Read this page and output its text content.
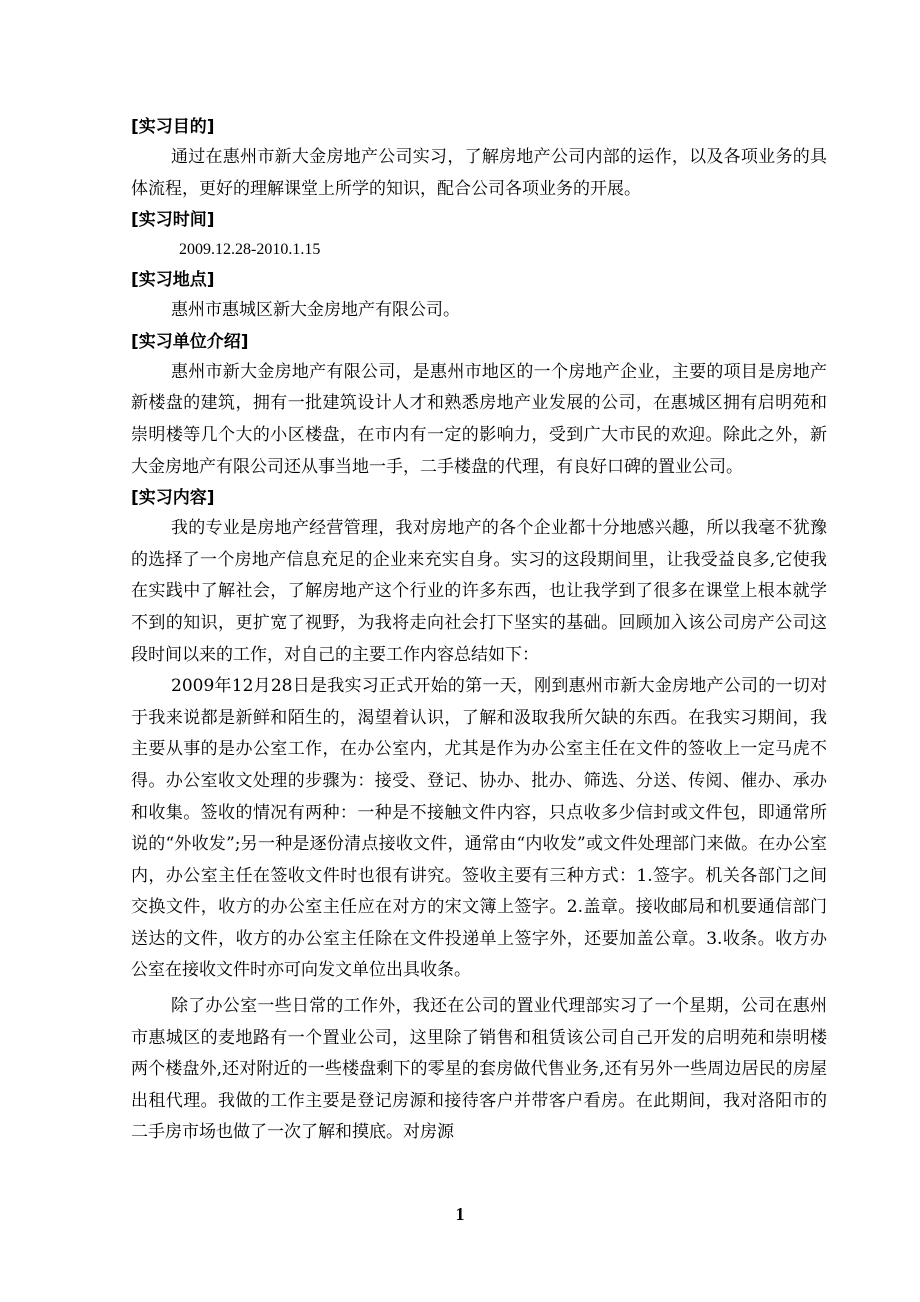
[实习目的]

通过在惠州市新大金房地产公司实习，了解房地产公司内部的运作，以及各项业务的具体流程，更好的理解课堂上所学的知识，配合公司各项业务的开展。

[实习时间]

2009.12.28-2010.1.15

[实习地点]

惠州市惠城区新大金房地产有限公司。

[实习单位介绍]

惠州市新大金房地产有限公司，是惠州市地区的一个房地产企业，主要的项目是房地产新楼盘的建筑，拥有一批建筑设计人才和熟悉房地产业发展的公司，在惠城区拥有启明苑和崇明楼等几个大的小区楼盘，在市内有一定的影响力，受到广大市民的欢迎。除此之外，新大金房地产有限公司还从事当地一手，二手楼盘的代理，有良好口碑的置业公司。

[实习内容]

我的专业是房地产经营管理，我对房地产的各个企业都十分地感兴趣，所以我毫不犹豫的选择了一个房地产信息充足的企业来充实自身。实习的这段期间里，让我受益良多,它使我在实践中了解社会，了解房地产这个行业的许多东西，也让我学到了很多在课堂上根本就学不到的知识，更扩宽了视野，为我将走向社会打下坚实的基础。回顾加入该公司房产公司这段时间以来的工作，对自己的主要工作内容总结如下：

2009年12月28日是我实习正式开始的第一天，刚到惠州市新大金房地产公司的一切对于我来说都是新鲜和陌生的，渴望着认识，了解和汲取我所欠缺的东西。在我实习期间，我主要从事的是办公室工作，在办公室内，尤其是作为办公室主任在文件的签收上一定马虎不得。办公室收文处理的步骤为：接受、登记、协办、批办、筛选、分送、传阅、催办、承办和收集。签收的情况有两种：一种是不接触文件内容，只点收多少信封或文件包，即通常所说的“外收发”;另一种是逐份清点接收文件，通常由“内收发”或文件处理部门来做。在办公室内，办公室主任在签收文件时也很有讲究。签收主要有三种方式：1.签字。机关各部门之间交换文件，收方的办公室主任应在对方的宋文簿上签字。2.盖章。接收邮局和机要通信部门送达的文件，收方的办公室主任除在文件投递单上签字外，还要加盖公章。3.收条。收方办公室在接收文件时亦可向发文单位出具收条。

除了办公室一些日常的工作外，我还在公司的置业代理部实习了一个星期，公司在惠州市惠城区的麦地路有一个置业公司，这里除了销售和租赁该公司自己开发的启明苑和崇明楼两个楼盘外,还对附近的一些楼盘剩下的零星的套房做代售业务,还有另外一些周边居民的房屋出租代理。我做的工作主要是登记房源和接待客户并带客户看房。在此期间，我对洛阳市的二手房市场也做了一次了解和摸底。对房源

1
